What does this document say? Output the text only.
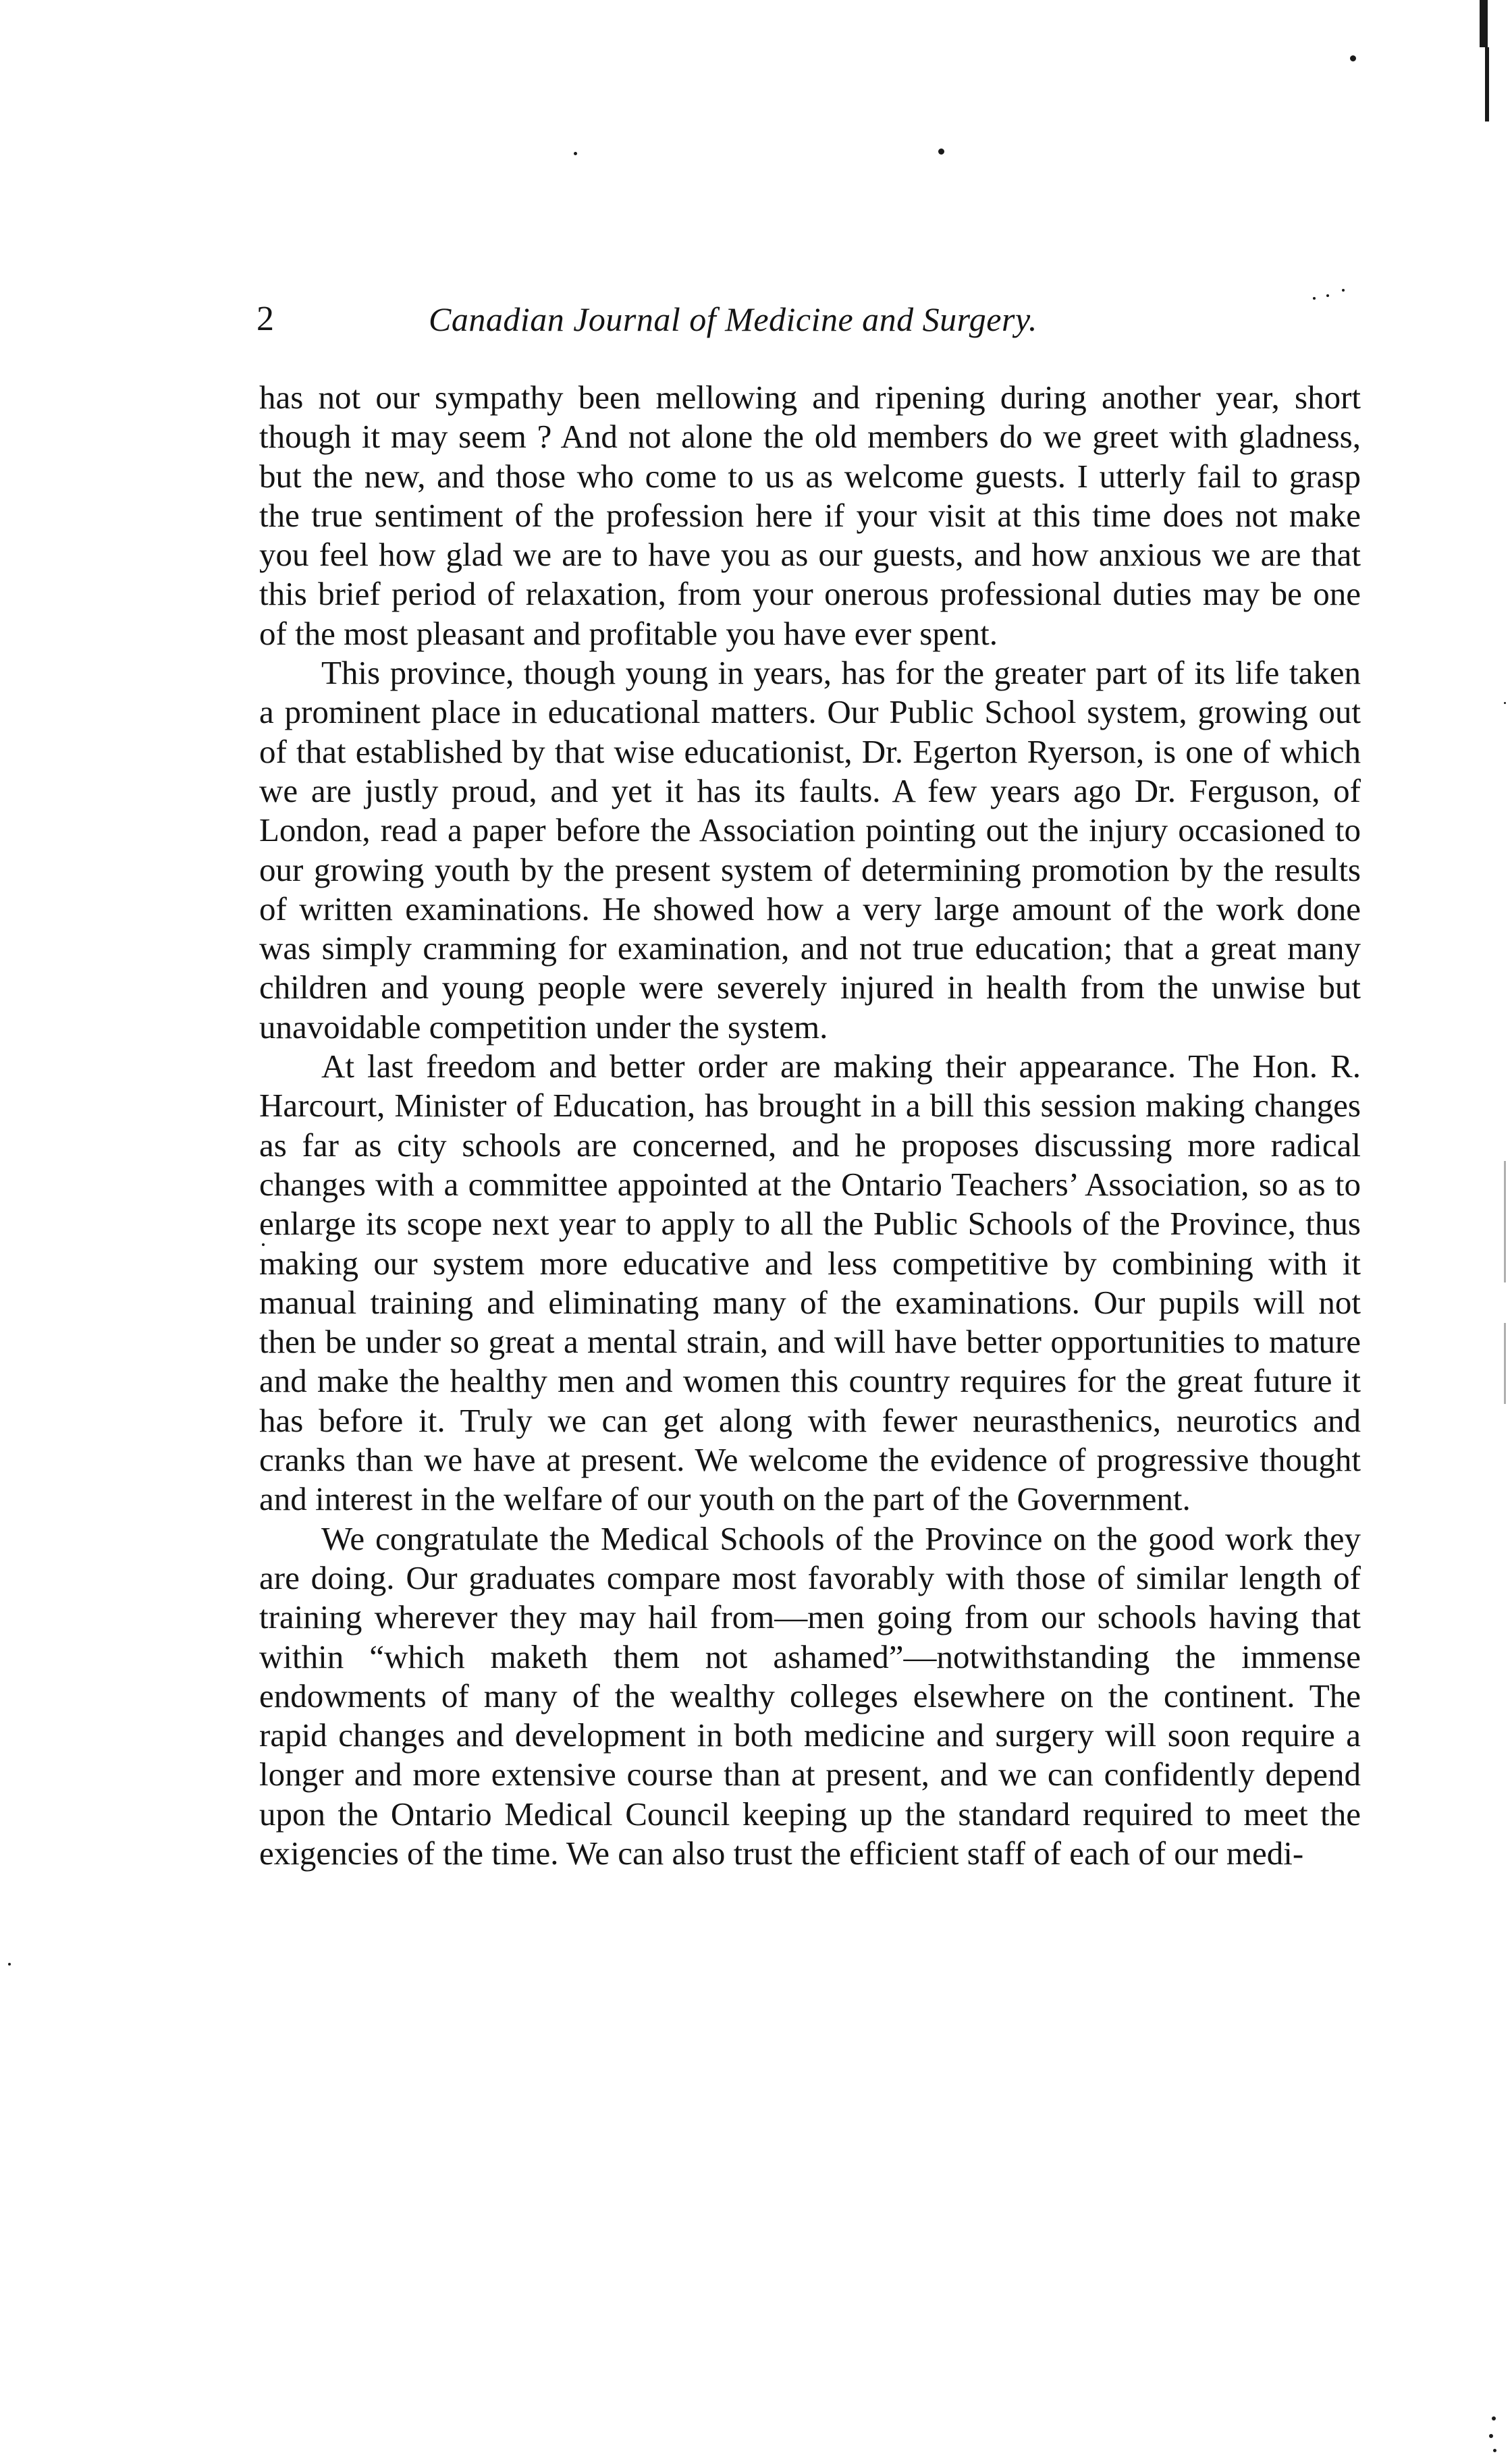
2	Canadian Journal of Medicine and Surgery.

has not our sympathy been mellowing and ripening during another year, short though it may seem ? And not alone the old members do we greet with gladness, but the new, and those who come to us as welcome guests. I utterly fail to grasp the true sentiment of the profession here if your visit at this time does not make you feel how glad we are to have you as our guests, and how anxious we are that this brief period of relaxation, from your onerous professional duties may be one of the most pleasant and profitable you have ever spent.

This province, though young in years, has for the greater part of its life taken a prominent place in educational matters. Our Public School system, growing out of that established by that wise educationist, Dr. Egerton Ryerson, is one of which we are justly proud, and yet it has its faults. A few years ago Dr. Ferguson, of London, read a paper before the Association pointing out the injury occasioned to our growing youth by the present system of determining promotion by the results of written examinations. He showed how a very large amount of the work done was simply cramming for examination, and not true education; that a great many children and young people were severely injured in health from the unwise but unavoidable competition under the system.

At last freedom and better order are making their appearance. The Hon. R. Harcourt, Minister of Education, has brought in a bill this session making changes as far as city schools are concerned, and he proposes discussing more radical changes with a committee appointed at the Ontario Teachers’ Association, so as to enlarge its scope next year to apply to all the Public Schools of the Province, thus making our system more educative and less competitive by combining with it manual training and eliminating many of the examinations. Our pupils will not then be under so great a mental strain, and will have better opportunities to mature and make the healthy men and women this country requires for the great future it has before it. Truly we can get along with fewer neurasthenics, neurotics and cranks than we have at present. We welcome the evidence of progressive thought and interest in the welfare of our youth on the part of the Government.

We congratulate the Medical Schools of the Province on the good work they are doing. Our graduates compare most favorably with those of similar length of training wherever they may hail from—men going from our schools having that within “which maketh them not ashamed”—notwithstanding the immense endowments of many of the wealthy colleges elsewhere on the continent. The rapid changes and development in both medicine and surgery will soon require a longer and more extensive course than at present, and we can confidently depend upon the Ontario Medical Council keeping up the standard required to meet the exigencies of the time. We can also trust the efficient staff of each of our medi-
